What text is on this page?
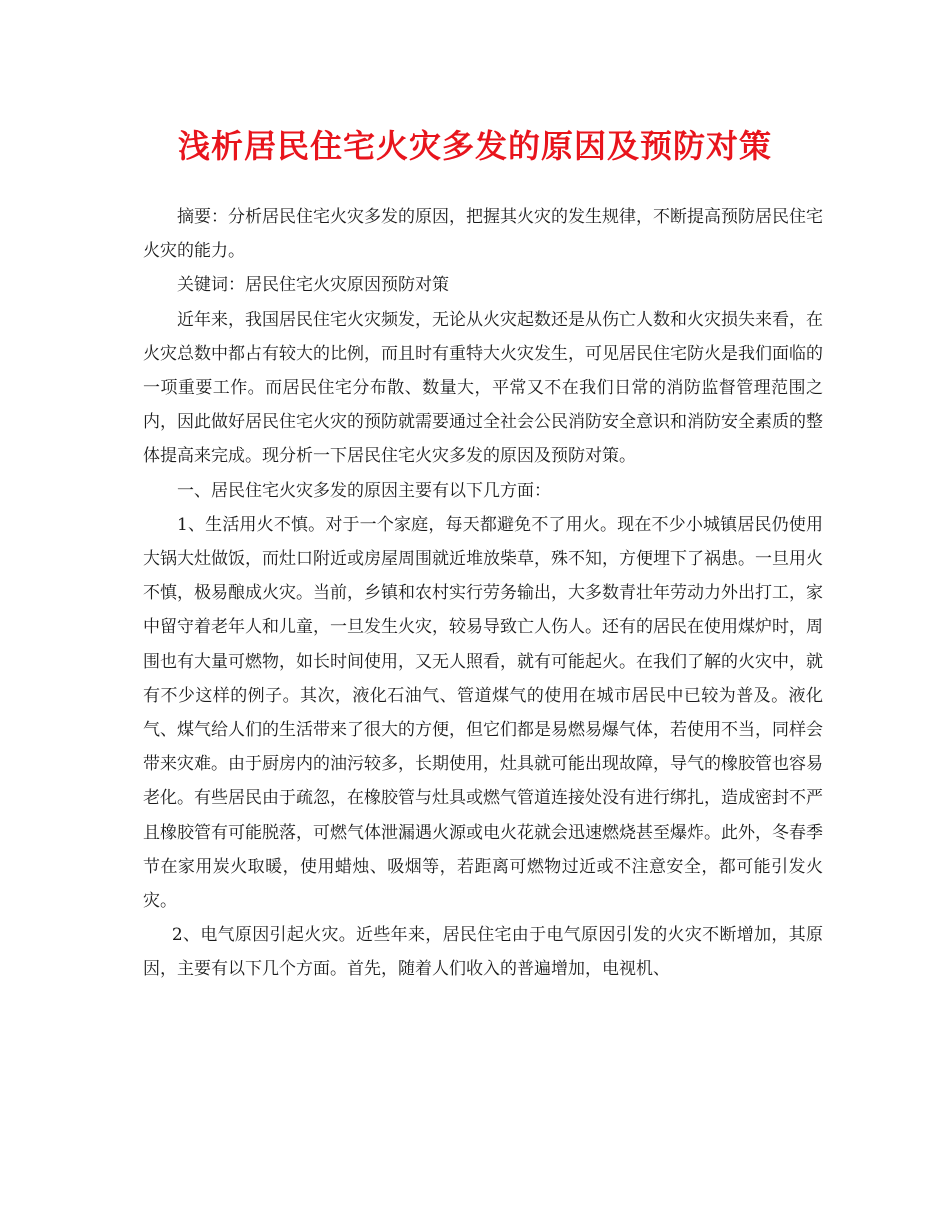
浅析居民住宅火灾多发的原因及预防对策

摘要：分析居民住宅火灾多发的原因，把握其火灾的发生规律，不断提高预防居民住宅火灾的能力。

关键词：居民住宅火灾原因预防对策

近年来，我国居民住宅火灾频发，无论从火灾起数还是从伤亡人数和火灾损失来看，在火灾总数中都占有较大的比例，而且时有重特大火灾发生，可见居民住宅防火是我们面临的一项重要工作。而居民住宅分布散、数量大，平常又不在我们日常的消防监督管理范围之内，因此做好居民住宅火灾的预防就需要通过全社会公民消防安全意识和消防安全素质的整体提高来完成。现分析一下居民住宅火灾多发的原因及预防对策。

一、居民住宅火灾多发的原因主要有以下几方面：

1、生活用火不慎。对于一个家庭，每天都避免不了用火。现在不少小城镇居民仍使用大锅大灶做饭，而灶口附近或房屋周围就近堆放柴草，殊不知，方便埋下了祸患。一旦用火不慎，极易酿成火灾。当前，乡镇和农村实行劳务输出，大多数青壮年劳动力外出打工，家中留守着老年人和儿童，一旦发生火灾，较易导致亡人伤人。还有的居民在使用煤炉时，周围也有大量可燃物，如长时间使用，又无人照看，就有可能起火。在我们了解的火灾中，就有不少这样的例子。其次，液化石油气、管道煤气的使用在城市居民中已较为普及。液化气、煤气给人们的生活带来了很大的方便，但它们都是易燃易爆气体，若使用不当，同样会带来灾难。由于厨房内的油污较多，长期使用，灶具就可能出现故障，导气的橡胶管也容易老化。有些居民由于疏忽，在橡胶管与灶具或燃气管道连接处没有进行绑扎，造成密封不严且橡胶管有可能脱落，可燃气体泄漏遇火源或电火花就会迅速燃烧甚至爆炸。此外，冬春季节在家用炭火取暖，使用蜡烛、吸烟等，若距离可燃物过近或不注意安全，都可能引发火灾。

2、电气原因引起火灾。近些年来，居民住宅由于电气原因引发的火灾不断增加，其原因，主要有以下几个方面。首先，随着人们收入的普遍增加，电视机、
